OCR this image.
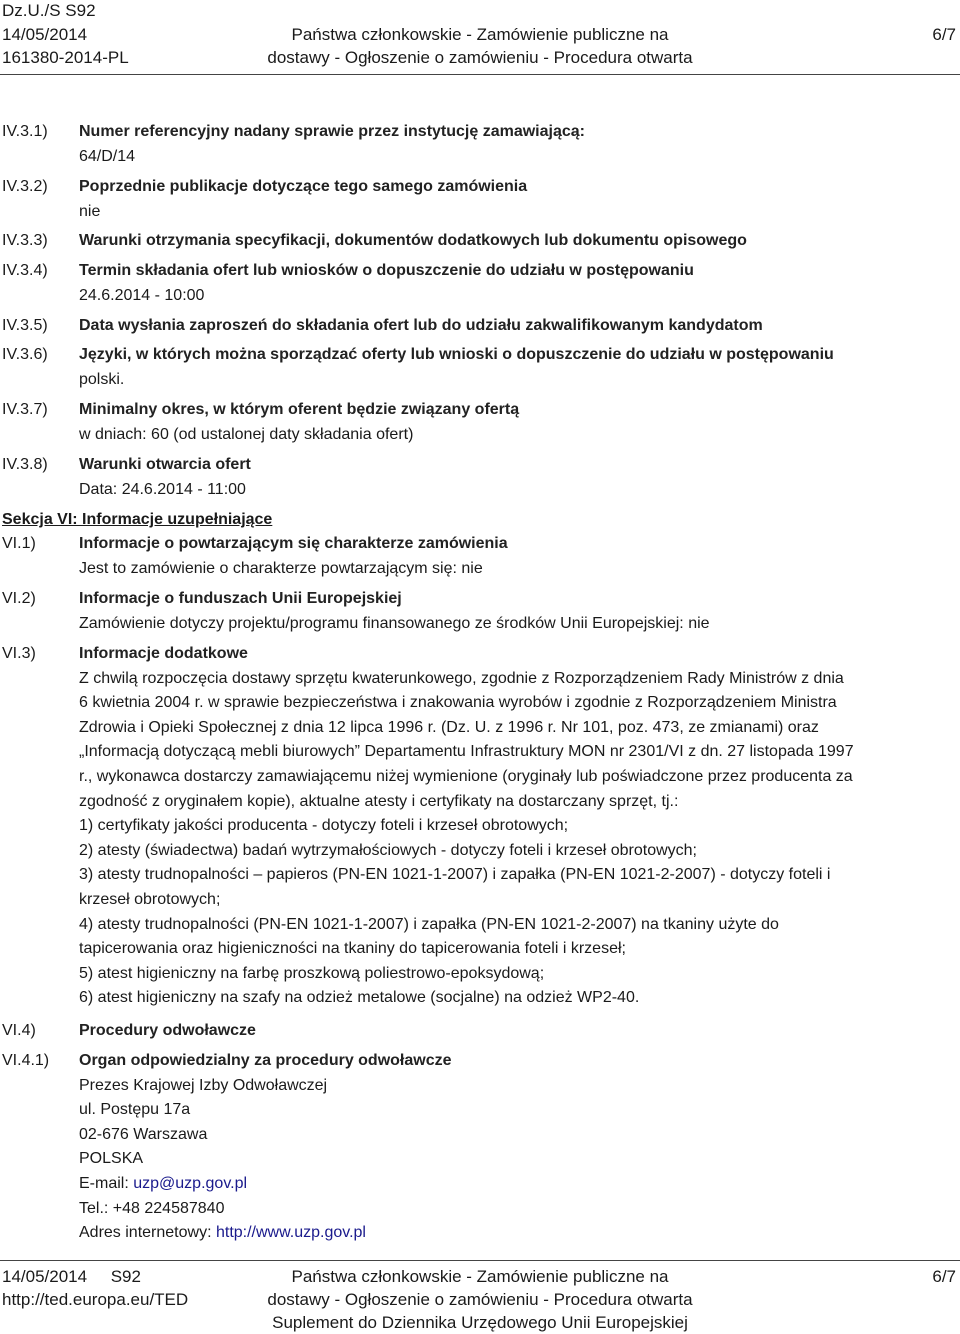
Dz.U./S S92
14/05/2014
161380-2014-PL
Państwa członkowskie - Zamówienie publiczne na
dostawy - Ogłoszenie o zamówieniu - Procedura otwarta
6/7
IV.3.1)	Numer referencyjny nadany sprawie przez instytucję zamawiającą:
64/D/14
IV.3.2)	Poprzednie publikacje dotyczące tego samego zamówienia
nie
IV.3.3)	Warunki otrzymania specyfikacji, dokumentów dodatkowych lub dokumentu opisowego
IV.3.4)	Termin składania ofert lub wniosków o dopuszczenie do udziału w postępowaniu
24.6.2014 - 10:00
IV.3.5)	Data wysłania zaproszeń do składania ofert lub do udziału zakwalifikowanym kandydatom
IV.3.6)	Języki, w których można sporządzać oferty lub wnioski o dopuszczenie do udziału w postępowaniu
polski.
IV.3.7)	Minimalny okres, w którym oferent będzie związany ofertą
w dniach: 60 (od ustalonej daty składania ofert)
IV.3.8)	Warunki otwarcia ofert
Data: 24.6.2014 - 11:00
Sekcja VI: Informacje uzupełniające
VI.1)	Informacje o powtarzającym się charakterze zamówienia
Jest to zamówienie o charakterze powtarzającym się: nie
VI.2)	Informacje o funduszach Unii Europejskiej
Zamówienie dotyczy projektu/programu finansowanego ze środków Unii Europejskiej: nie
VI.3)	Informacje dodatkowe
Z chwilą rozpoczęcia dostawy sprzętu kwaterunkowego, zgodnie z Rozporządzeniem Rady Ministrów z dnia
6 kwietnia 2004 r. w sprawie bezpieczeństwa i znakowania wyrobów i zgodnie z Rozporządzeniem Ministra
Zdrowia i Opieki Społecznej z dnia 12 lipca 1996 r. (Dz. U. z 1996 r. Nr 101, poz. 473, ze zmianami) oraz
„Informacją dotyczącą mebli biurowych” Departamentu Infrastruktury MON nr 2301/VI z dn. 27 listopada 1997
r., wykonawca dostarczy zamawiającemu niżej wymienione (oryginały lub poświadczone przez producenta za
zgodność z oryginałem kopie), aktualne atesty i certyfikaty na dostarczany sprzęt, tj.:
1) certyfikaty jakości producenta - dotyczy foteli i krzeseł obrotowych;
2) atesty (świadectwa) badań wytrzymałościowych - dotyczy foteli i krzeseł obrotowych;
3) atesty trudnopalności – papieros (PN-EN 1021-1-2007) i zapałka (PN-EN 1021-2-2007) - dotyczy foteli i
krzeseł obrotowych;
4) atesty trudnopalności (PN-EN 1021-1-2007) i zapałka (PN-EN 1021-2-2007) na tkaniny użyte do
tapicerowania oraz higieniczności na tkaniny do tapicerowania foteli i krzeseł;
5) atest higieniczny na farbę proszkową poliestrowo-epoksydową;
6) atest higieniczny na szafy na odzież metalowe (socjalne) na odzież WP2-40.
VI.4)	Procedury odwoławcze
VI.4.1)	Organ odpowiedzialny za procedury odwoławcze
Prezes Krajowej Izby Odwoławczej
ul. Postępu 17a
02-676 Warszawa
POLSKA
E-mail: uzp@uzp.gov.pl
Tel.: +48 224587840
Adres internetowy: http://www.uzp.gov.pl
14/05/2014 S92
http://ted.europa.eu/TED
Państwa członkowskie - Zamówienie publiczne na
dostawy - Ogłoszenie o zamówieniu - Procedura otwarta
Suplement do Dziennika Urzędowego Unii Europejskiej
6/7
